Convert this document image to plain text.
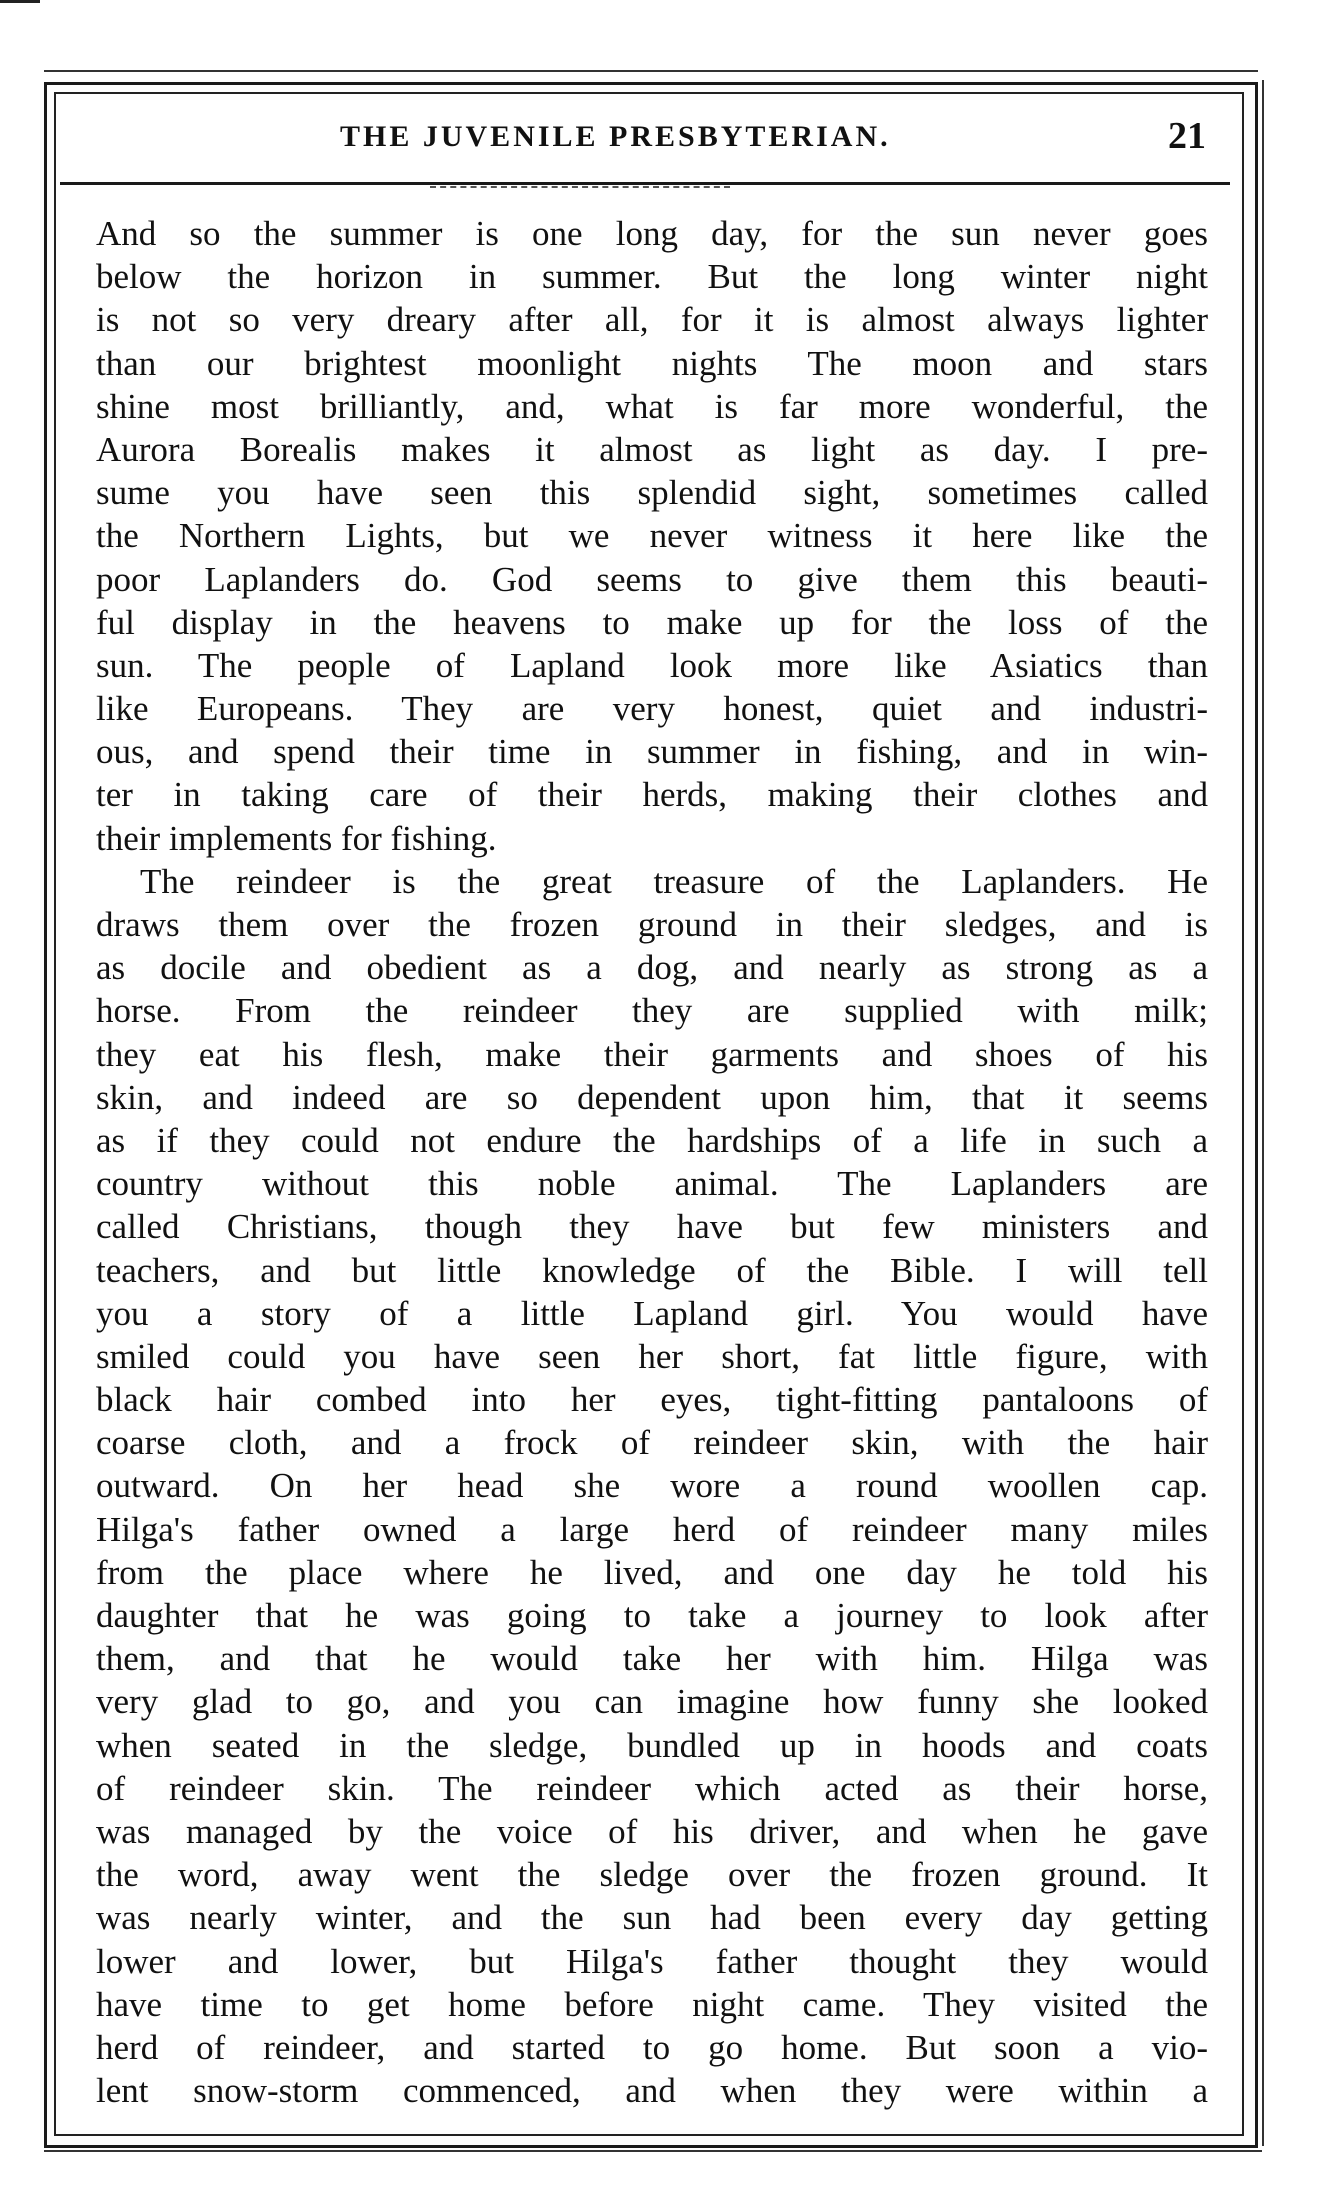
THE JUVENILE PRESBYTERIAN.	21
And so the summer is one long day, for the sun never goes
below the horizon in summer. But the long winter night
is not so very dreary after all, for it is almost always lighter
than our brightest moonlight nights The moon and stars
shine most brilliantly, and, what is far more wonderful, the
Aurora Borealis makes it almost as light as day. I pre-
sume you have seen this splendid sight, sometimes called
the Northern Lights, but we never witness it here like the
poor Laplanders do. God seems to give them this beauti-
ful display in the heavens to make up for the loss of the
sun. The people of Lapland look more like Asiatics than
like Europeans. They are very honest, quiet and industri-
ous, and spend their time in summer in fishing, and in win-
ter in taking care of their herds, making their clothes and
their implements for fishing.
The reindeer is the great treasure of the Laplanders. He
draws them over the frozen ground in their sledges, and is
as docile and obedient as a dog, and nearly as strong as a
horse. From the reindeer they are supplied with milk;
they eat his flesh, make their garments and shoes of his
skin, and indeed are so dependent upon him, that it seems
as if they could not endure the hardships of a life in such a
country without this noble animal. The Laplanders are
called Christians, though they have but few ministers and
teachers, and but little knowledge of the Bible. I will tell
you a story of a little Lapland girl. You would have
smiled could you have seen her short, fat little figure, with
black hair combed into her eyes, tight-fitting pantaloons of
coarse cloth, and a frock of reindeer skin, with the hair
outward. On her head she wore a round woollen cap.
Hilga's father owned a large herd of reindeer many miles
from the place where he lived, and one day he told his
daughter that he was going to take a journey to look after
them, and that he would take her with him. Hilga was
very glad to go, and you can imagine how funny she looked
when seated in the sledge, bundled up in hoods and coats
of reindeer skin. The reindeer which acted as their horse,
was managed by the voice of his driver, and when he gave
the word, away went the sledge over the frozen ground. It
was nearly winter, and the sun had been every day getting
lower and lower, but Hilga's father thought they would
have time to get home before night came. They visited the
herd of reindeer, and started to go home. But soon a vio-
lent snow-storm commenced, and when they were within a
